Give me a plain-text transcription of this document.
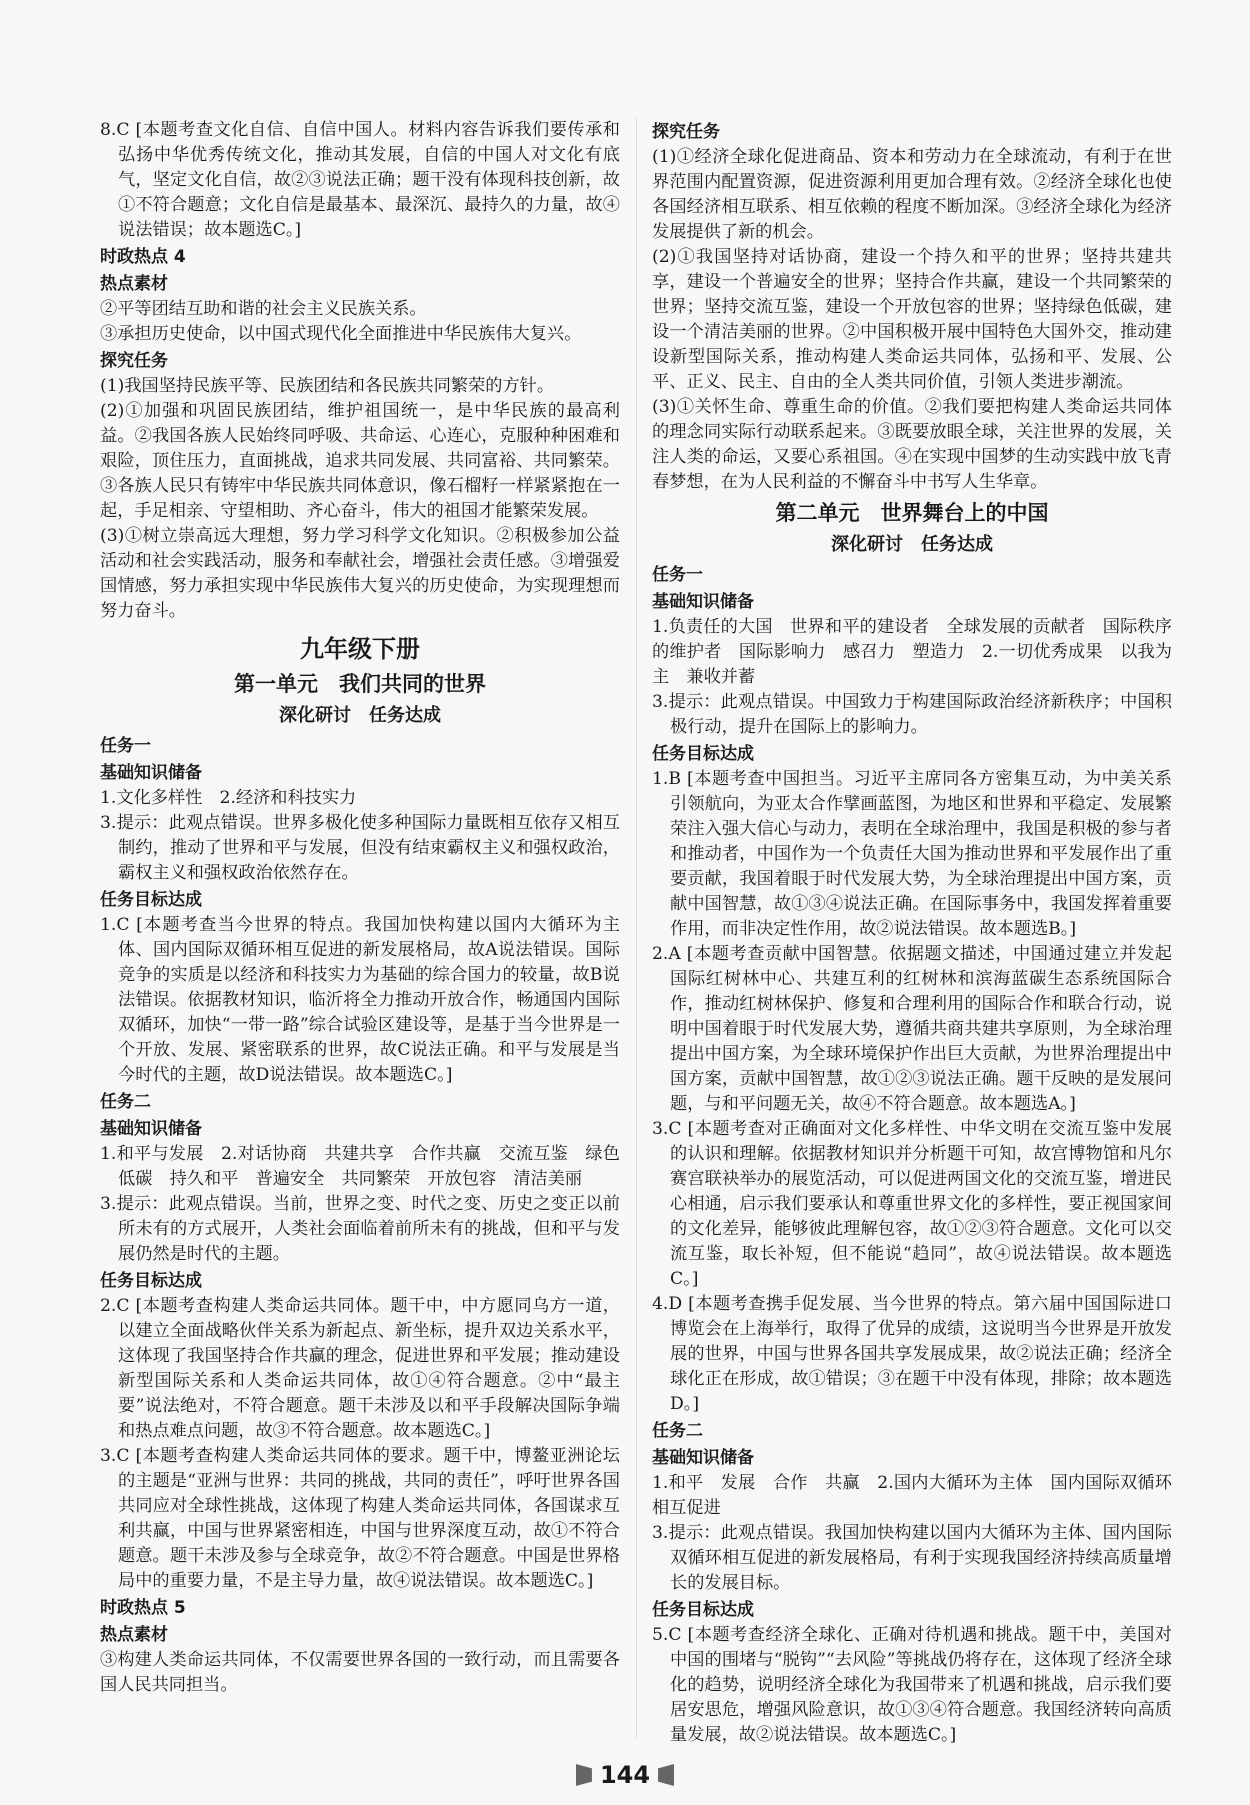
8.C [本题考查文化自信、自信中国人。材料内容告诉我们要传承和弘扬中华优秀传统文化，推动其发展，自信的中国人对文化有底气，坚定文化自信，故②③说法正确；题干没有体现科技创新，故①不符合题意；文化自信是最基本、最深沉、最持久的力量，故④说法错误；故本题选C。]

时政热点 4
热点素材

②平等团结互助和谐的社会主义民族关系。

③承担历史使命，以中国式现代化全面推进中华民族伟大复兴。

探究任务

(1)我国坚持民族平等、民族团结和各民族共同繁荣的方针。

(2)①加强和巩固民族团结，维护祖国统一，是中华民族的最高利益。②我国各族人民始终同呼吸、共命运、心连心，克服种种困难和艰险，顶住压力，直面挑战，追求共同发展、共同富裕、共同繁荣。③各族人民只有铸牢中华民族共同体意识，像石榴籽一样紧紧抱在一起，手足相亲、守望相助、齐心奋斗，伟大的祖国才能繁荣发展。

(3)①树立崇高远大理想，努力学习科学文化知识。②积极参加公益活动和社会实践活动，服务和奉献社会，增强社会责任感。③增强爱国情感，努力承担实现中华民族伟大复兴的历史使命，为实现理想而努力奋斗。

九年级下册
第一单元　我们共同的世界
深化研讨　任务达成
任务一
基础知识储备

1.文化多样性　2.经济和科技实力

3.提示：此观点错误。世界多极化使多种国际力量既相互依存又相互制约，推动了世界和平与发展，但没有结束霸权主义和强权政治，霸权主义和强权政治依然存在。

任务目标达成

1.C [本题考查当今世界的特点。我国加快构建以国内大循环为主体、国内国际双循环相互促进的新发展格局，故A说法错误。国际竞争的实质是以经济和科技实力为基础的综合国力的较量，故B说法错误。依据教材知识，临沂将全力推动开放合作，畅通国内国际双循环，加快“一带一路”综合试验区建设等，是基于当今世界是一个开放、发展、紧密联系的世界，故C说法正确。和平与发展是当今时代的主题，故D说法错误。故本题选C。]

任务二
基础知识储备

1.和平与发展　2.对话协商　共建共享　合作共赢　交流互鉴　绿色低碳　持久和平　普遍安全　共同繁荣　开放包容　清洁美丽

3.提示：此观点错误。当前，世界之变、时代之变、历史之变正以前所未有的方式展开，人类社会面临着前所未有的挑战，但和平与发展仍然是时代的主题。

任务目标达成

2.C [本题考查构建人类命运共同体。题干中，中方愿同乌方一道，以建立全面战略伙伴关系为新起点、新坐标，提升双边关系水平，这体现了我国坚持合作共赢的理念，促进世界和平发展；推动建设新型国际关系和人类命运共同体，故①④符合题意。②中“最主要”说法绝对，不符合题意。题干未涉及以和平手段解决国际争端和热点难点问题，故③不符合题意。故本题选C。]

3.C [本题考查构建人类命运共同体的要求。题干中，博鳌亚洲论坛的主题是“亚洲与世界：共同的挑战，共同的责任”，呼吁世界各国共同应对全球性挑战，这体现了构建人类命运共同体，各国谋求互利共赢，中国与世界紧密相连，中国与世界深度互动，故①不符合题意。题干未涉及参与全球竞争，故②不符合题意。中国是世界格局中的重要力量，不是主导力量，故④说法错误。故本题选C。]

时政热点 5
热点素材

③构建人类命运共同体，不仅需要世界各国的一致行动，而且需要各国人民共同担当。

探究任务

(1)①经济全球化促进商品、资本和劳动力在全球流动，有利于在世界范围内配置资源，促进资源利用更加合理有效。②经济全球化也使各国经济相互联系、相互依赖的程度不断加深。③经济全球化为经济发展提供了新的机会。

(2)①我国坚持对话协商，建设一个持久和平的世界；坚持共建共享，建设一个普遍安全的世界；坚持合作共赢，建设一个共同繁荣的世界；坚持交流互鉴，建设一个开放包容的世界；坚持绿色低碳，建设一个清洁美丽的世界。②中国积极开展中国特色大国外交，推动建设新型国际关系，推动构建人类命运共同体，弘扬和平、发展、公平、正义、民主、自由的全人类共同价值，引领人类进步潮流。

(3)①关怀生命、尊重生命的价值。②我们要把构建人类命运共同体的理念同实际行动联系起来。③既要放眼全球，关注世界的发展，关注人类的命运，又要心系祖国。④在实现中国梦的生动实践中放飞青春梦想，在为人民利益的不懈奋斗中书写人生华章。

第二单元　世界舞台上的中国
深化研讨　任务达成
任务一
基础知识储备

1.负责任的大国　世界和平的建设者　全球发展的贡献者　国际秩序的维护者　国际影响力　感召力　塑造力　2.一切优秀成果　以我为主　兼收并蓄

3.提示：此观点错误。中国致力于构建国际政治经济新秩序；中国积极行动，提升在国际上的影响力。

任务目标达成

1.B [本题考查中国担当。习近平主席同各方密集互动，为中美关系引领航向，为亚太合作擘画蓝图，为地区和世界和平稳定、发展繁荣注入强大信心与动力，表明在全球治理中，我国是积极的参与者和推动者，中国作为一个负责任大国为推动世界和平发展作出了重要贡献，我国着眼于时代发展大势，为全球治理提出中国方案，贡献中国智慧，故①③④说法正确。在国际事务中，我国发挥着重要作用，而非决定性作用，故②说法错误。故本题选B。]

2.A [本题考查贡献中国智慧。依据题文描述，中国通过建立并发起国际红树林中心、共建互利的红树林和滨海蓝碳生态系统国际合作，推动红树林保护、修复和合理利用的国际合作和联合行动，说明中国着眼于时代发展大势，遵循共商共建共享原则，为全球治理提出中国方案，为全球环境保护作出巨大贡献，为世界治理提出中国方案，贡献中国智慧，故①②③说法正确。题干反映的是发展问题，与和平问题无关，故④不符合题意。故本题选A。]

3.C [本题考查对正确面对文化多样性、中华文明在交流互鉴中发展的认识和理解。依据教材知识并分析题干可知，故宫博物馆和凡尔赛宫联袂举办的展览活动，可以促进两国文化的交流互鉴，增进民心相通，启示我们要承认和尊重世界文化的多样性，要正视国家间的文化差异，能够彼此理解包容，故①②③符合题意。文化可以交流互鉴，取长补短，但不能说“趋同”，故④说法错误。故本题选C。]

4.D [本题考查携手促发展、当今世界的特点。第六届中国国际进口博览会在上海举行，取得了优异的成绩，这说明当今世界是开放发展的世界，中国与世界各国共享发展成果，故②说法正确；经济全球化正在形成，故①错误；③在题干中没有体现，排除；故本题选D。]

任务二
基础知识储备

1.和平　发展　合作　共赢　2.国内大循环为主体　国内国际双循环相互促进

3.提示：此观点错误。我国加快构建以国内大循环为主体、国内国际双循环相互促进的新发展格局，有利于实现我国经济持续高质量增长的发展目标。

任务目标达成

5.C [本题考查经济全球化、正确对待机遇和挑战。题干中，美国对中国的围堵与“脱钩”“去风险”等挑战仍将存在，这体现了经济全球化的趋势，说明经济全球化为我国带来了机遇和挑战，启示我们要居安思危，增强风险意识，故①③④符合题意。我国经济转向高质量发展，故②说法错误。故本题选C。]

144
